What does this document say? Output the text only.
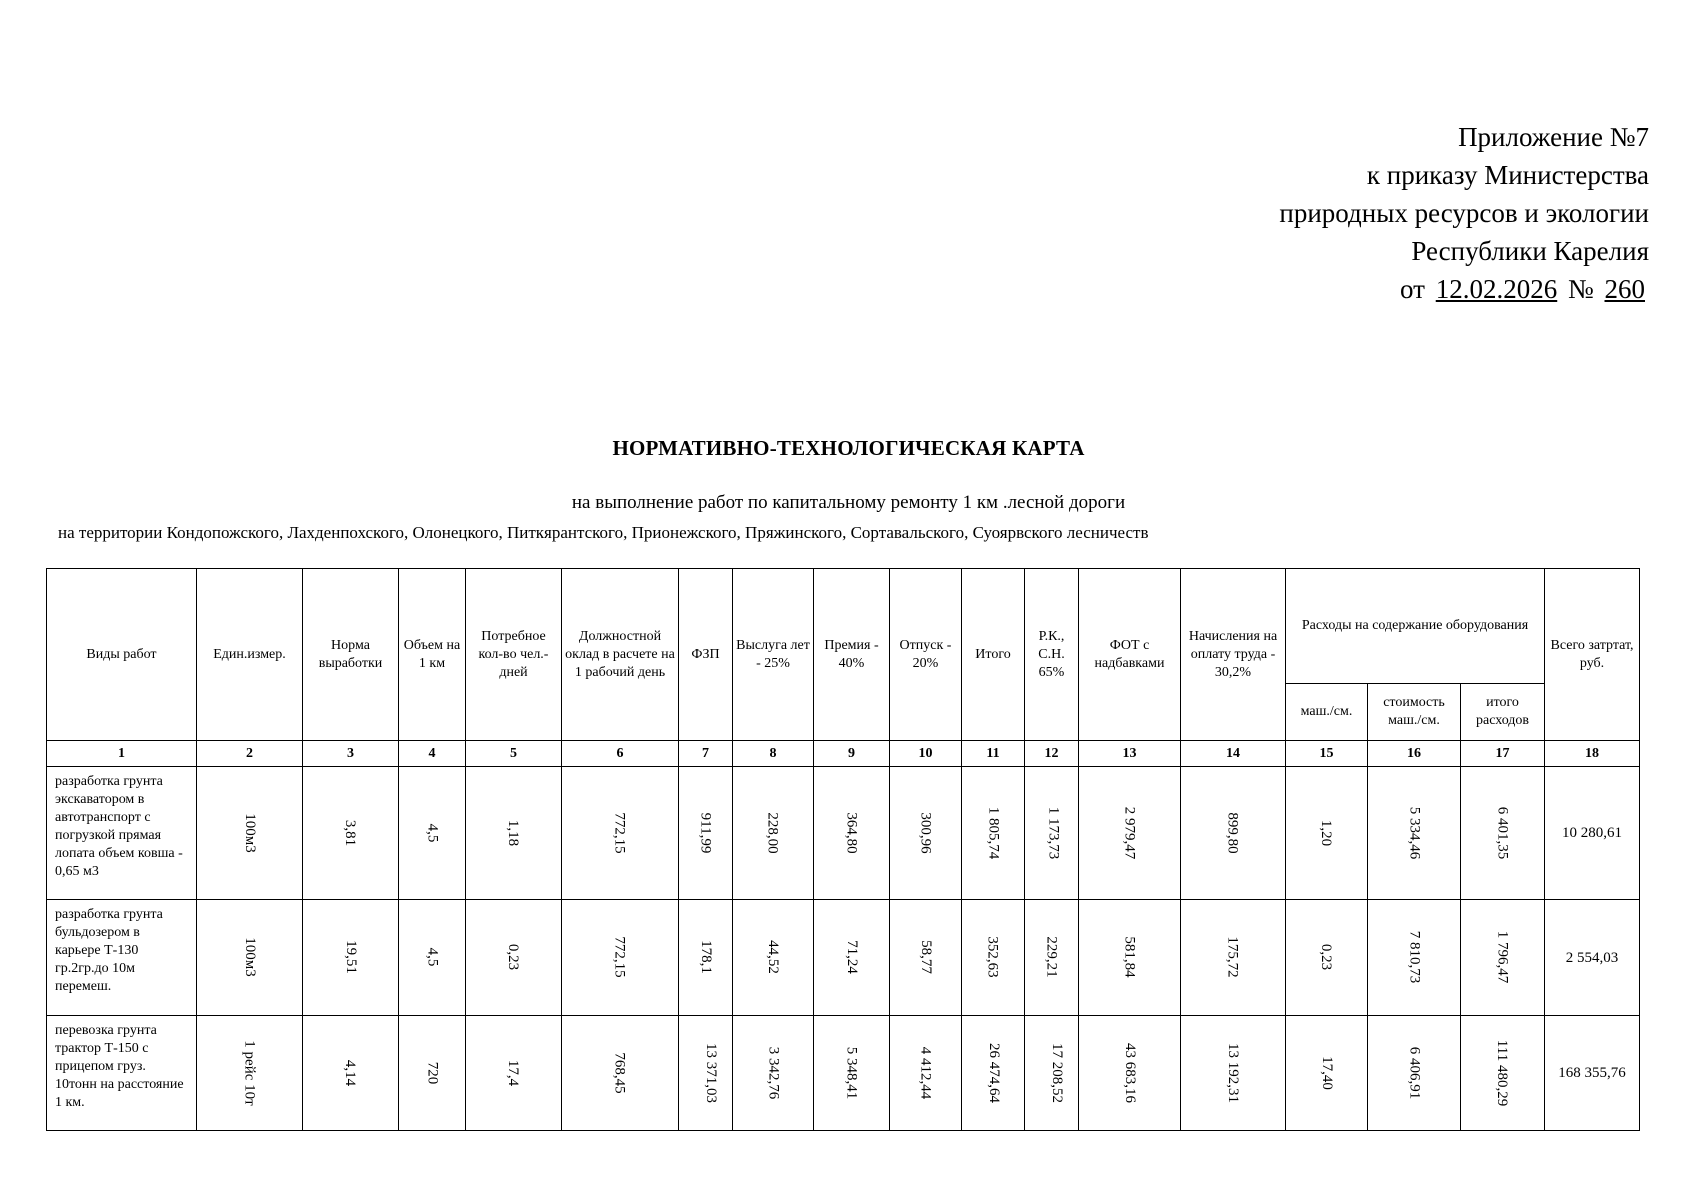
Приложение №7
к приказу Министерства
природных ресурсов и экологии
Республики Карелия
от 12.02.2026 № 260
НОРМАТИВНО-ТЕХНОЛОГИЧЕСКАЯ КАРТА
на выполнение работ по капитальному ремонту 1 км .лесной дороги
на территории Кондопожского, Лахденпохского, Олонецкого, Питкярантского, Прионежского, Пряжинского, Сортавальского, Суоярвского лесничеств
Виды работ	Един.измер.	Норма выработки	Объем на 1 км	Потребное кол-во чел.-дней	Должностной оклад в расчете на 1 рабочий день	ФЗП	Выслуга лет - 25%	Премия - 40%	Отпуск - 20%	Итого	Р.К., С.Н. 65%	ФОТ с надбавками	Начисления на оплату труда - 30,2%	Расходы на содержание оборудования			Всего затртат, руб.
														маш./см.	стоимость маш./см.	итого расходов	
1	2	3	4	5	6	7	8	9	10	11	12	13	14	15	16	17	18
разработка грунта экскаватором в автотранспорт с погрузкой прямая лопата объем ковша - 0,65 м3	100м3	3,81	4,5	1,18	772,15	911,99	228,00	364,80	300,96	1 805,74	1 173,73	2 979,47	899,80	1,20	5 334,46	6 401,35	10 280,61
разработка грунта бульдозером в карьере Т-130 гр.2гр.до 10м перемеш.	100м3	19,51	4,5	0,23	772,15	178,1	44,52	71,24	58,77	352,63	229,21	581,84	175,72	0,23	7 810,73	1 796,47	2 554,03
перевозка грунта трактор Т-150 с прицепом груз. 10тонн на расстояние 1 км.	1 рейс 10т	4,14	720	17,4	768,45	13 371,03	3 342,76	5 348,41	4 412,44	26 474,64	17 208,52	43 683,16	13 192,31	17,40	6 406,91	111 480,29	168 355,76
